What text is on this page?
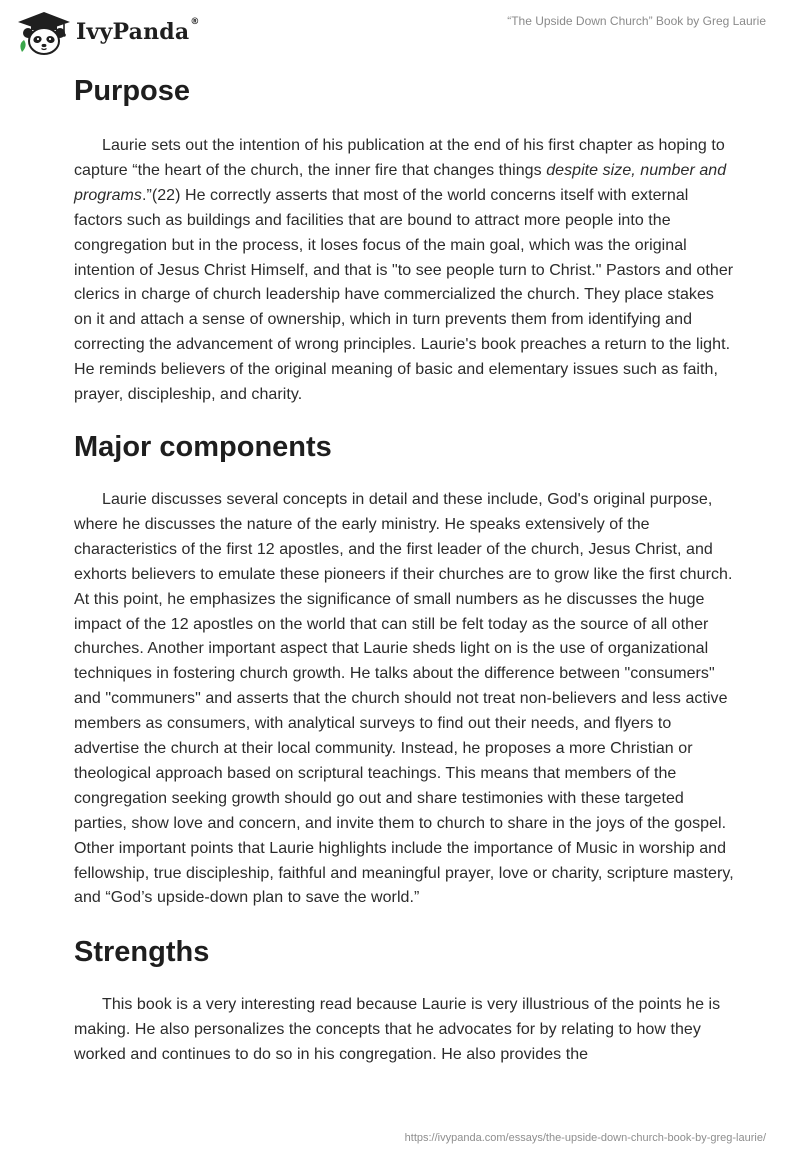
IvyPanda®	“The Upside Down Church” Book by Greg Laurie
Purpose

Laurie sets out the intention of his publication at the end of his first chapter as hoping to capture “the heart of the church, the inner fire that changes things despite size, number and programs.”(22) He correctly asserts that most of the world concerns itself with external factors such as buildings and facilities that are bound to attract more people into the congregation but in the process, it loses focus of the main goal, which was the original intention of Jesus Christ Himself, and that is "to see people turn to Christ." Pastors and other clerics in charge of church leadership have commercialized the church. They place stakes on it and attach a sense of ownership, which in turn prevents them from identifying and correcting the advancement of wrong principles. Laurie's book preaches a return to the light. He reminds believers of the original meaning of basic and elementary issues such as faith, prayer, discipleship, and charity.

Major components

Laurie discusses several concepts in detail and these include, God's original purpose, where he discusses the nature of the early ministry. He speaks extensively of the characteristics of the first 12 apostles, and the first leader of the church, Jesus Christ, and exhorts believers to emulate these pioneers if their churches are to grow like the first church. At this point, he emphasizes the significance of small numbers as he discusses the huge impact of the 12 apostles on the world that can still be felt today as the source of all other churches. Another important aspect that Laurie sheds light on is the use of organizational techniques in fostering church growth. He talks about the difference between "consumers" and "communers" and asserts that the church should not treat non-believers and less active members as consumers, with analytical surveys to find out their needs, and flyers to advertise the church at their local community. Instead, he proposes a more Christian or theological approach based on scriptural teachings. This means that members of the congregation seeking growth should go out and share testimonies with these targeted parties, show love and concern, and invite them to church to share in the joys of the gospel. Other important points that Laurie highlights include the importance of Music in worship and fellowship, true discipleship, faithful and meaningful prayer, love or charity, scripture mastery, and “God’s upside-down plan to save the world.”

Strengths

This book is a very interesting read because Laurie is very illustrious of the points he is making. He also personalizes the concepts that he advocates for by relating to how they worked and continues to do so in his congregation. He also provides the

https://ivypanda.com/essays/the-upside-down-church-book-by-greg-laurie/
